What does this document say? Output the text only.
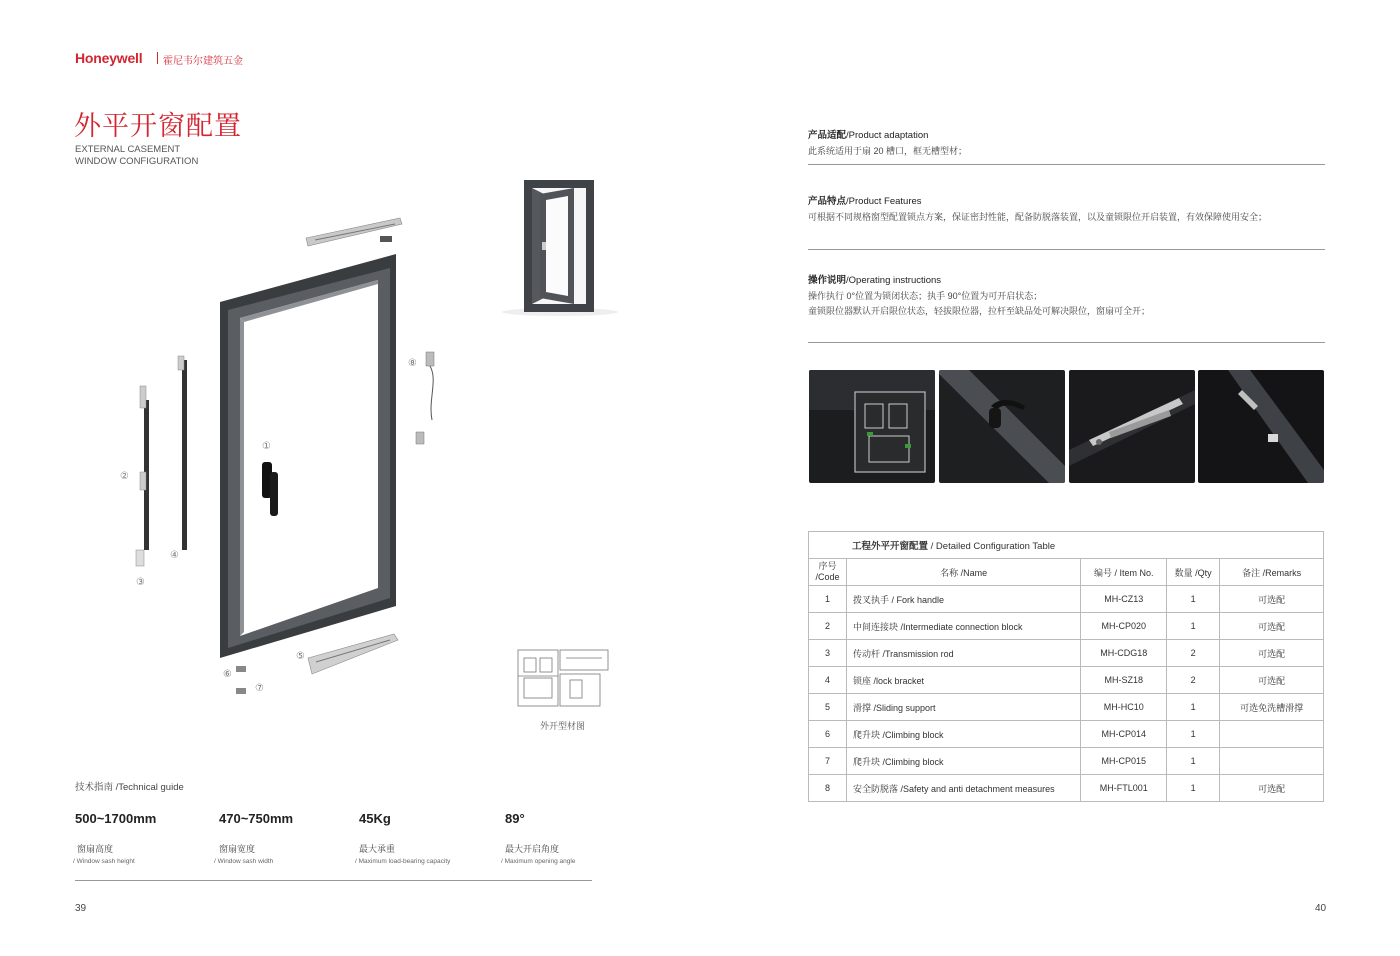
Honeywell 霍尼韦尔建筑五金
外平开窗配置
EXTERNAL CASEMENT WINDOW CONFIGURATION
①
②
③
④
⑤
⑥
⑦
⑧
外开型材图
技术指南 /Technical guide
500~1700mm
窗扇高度
/ Window sash height
470~750mm
窗扇宽度
/ Window sash width
45Kg
最大承重
/ Maximum load-bearing capacity
89°
最大开启角度
/ Maximum opening angle
39
产品适配/Product adaptation
此系统适用于扇 20 槽口，框无槽型材；
产品特点/Product Features
可根据不同规格窗型配置锁点方案，保证密封性能，配备防脱落装置，以及童锁限位开启装置，有效保障使用安全；
操作说明/Operating instructions
操作执行 0°位置为锁闭状态；执手 90°位置为可开启状态；
童锁限位器默认开启限位状态，轻拔限位器，拉杆至缺品处可解决限位，窗扇可全开；
工程外平开窗配置 / Detailed Configuration Table				
序号
/Code	名称 /Name	编号 / Item No.	数量 /Qty	备注 /Remarks
1	拨叉执手 / Fork handle	MH-CZ13	1	可选配
2	中间连接块 /Intermediate connection block	MH-CP020	1	可选配
3	传动杆 /Transmission rod	MH-CDG18	2	可选配
4	锁座 /lock bracket	MH-SZ18	2	可选配
5	滑撑 /Sliding support	MH-HC10	1	可选免洗槽滑撑
6	爬升块 /Climbing block	MH-CP014	1	
7	爬升块 /Climbing block	MH-CP015	1	
8	安全防脱落 /Safety and anti detachment measures	MH-FTL001	1	可选配
40
